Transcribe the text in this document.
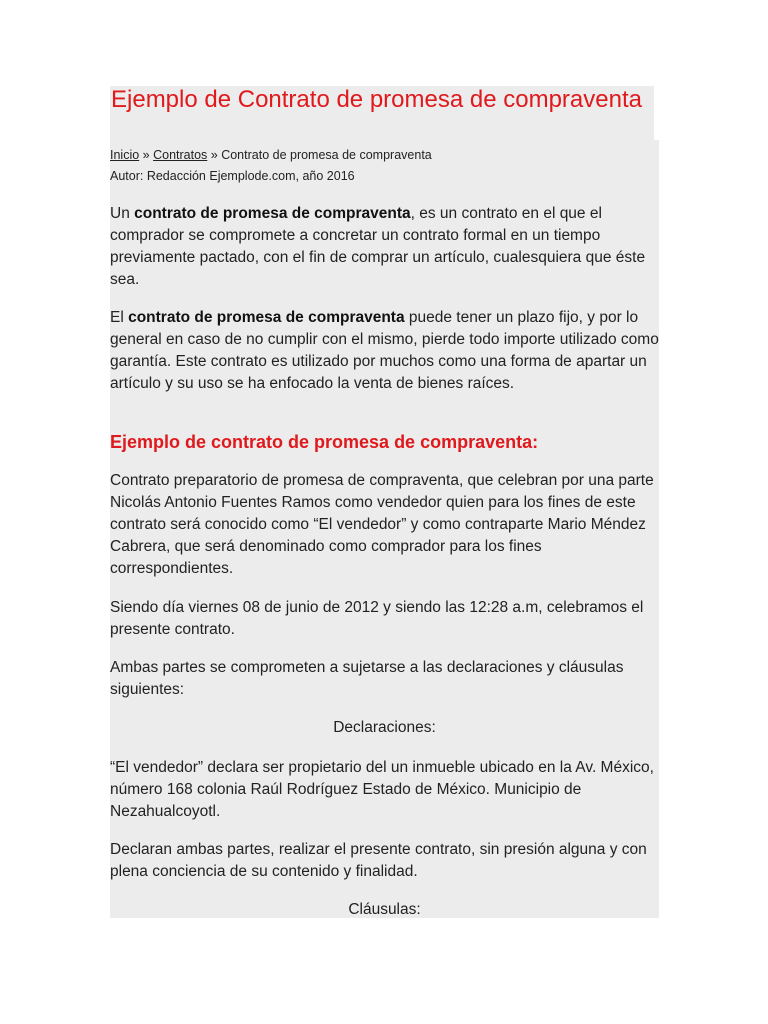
Ejemplo de Contrato de promesa de compraventa
Inicio » Contratos » Contrato de promesa de compraventa
Autor: Redacción Ejemplode.com, año 2016

Un contrato de promesa de compraventa, es un contrato en el que el comprador se compromete a concretar un contrato formal en un tiempo previamente pactado, con el fin de comprar un artículo, cualesquiera que éste sea.

El contrato de promesa de compraventa puede tener un plazo fijo, y por lo general en caso de no cumplir con el mismo, pierde todo importe utilizado como garantía. Este contrato es utilizado por muchos como una forma de apartar un artículo y su uso se ha enfocado la venta de bienes raíces.

Ejemplo de contrato de promesa de compraventa:

Contrato preparatorio de promesa de compraventa, que celebran por una parte Nicolás Antonio Fuentes Ramos como vendedor quien para los fines de este contrato será conocido como “El vendedor” y como contraparte Mario Méndez Cabrera, que será denominado como comprador para los fines correspondientes.

Siendo día viernes 08 de junio de 2012 y siendo las 12:28 a.m, celebramos el presente contrato.

Ambas partes se comprometen a sujetarse a las declaraciones y cláusulas siguientes:

Declaraciones:

“El vendedor” declara ser propietario del un inmueble ubicado en la Av. México, número 168 colonia Raúl Rodríguez Estado de México. Municipio de Nezahualcoyotl.

Declaran ambas partes, realizar el presente contrato, sin presión alguna y con plena conciencia de su contenido y finalidad.

Cláusulas:
